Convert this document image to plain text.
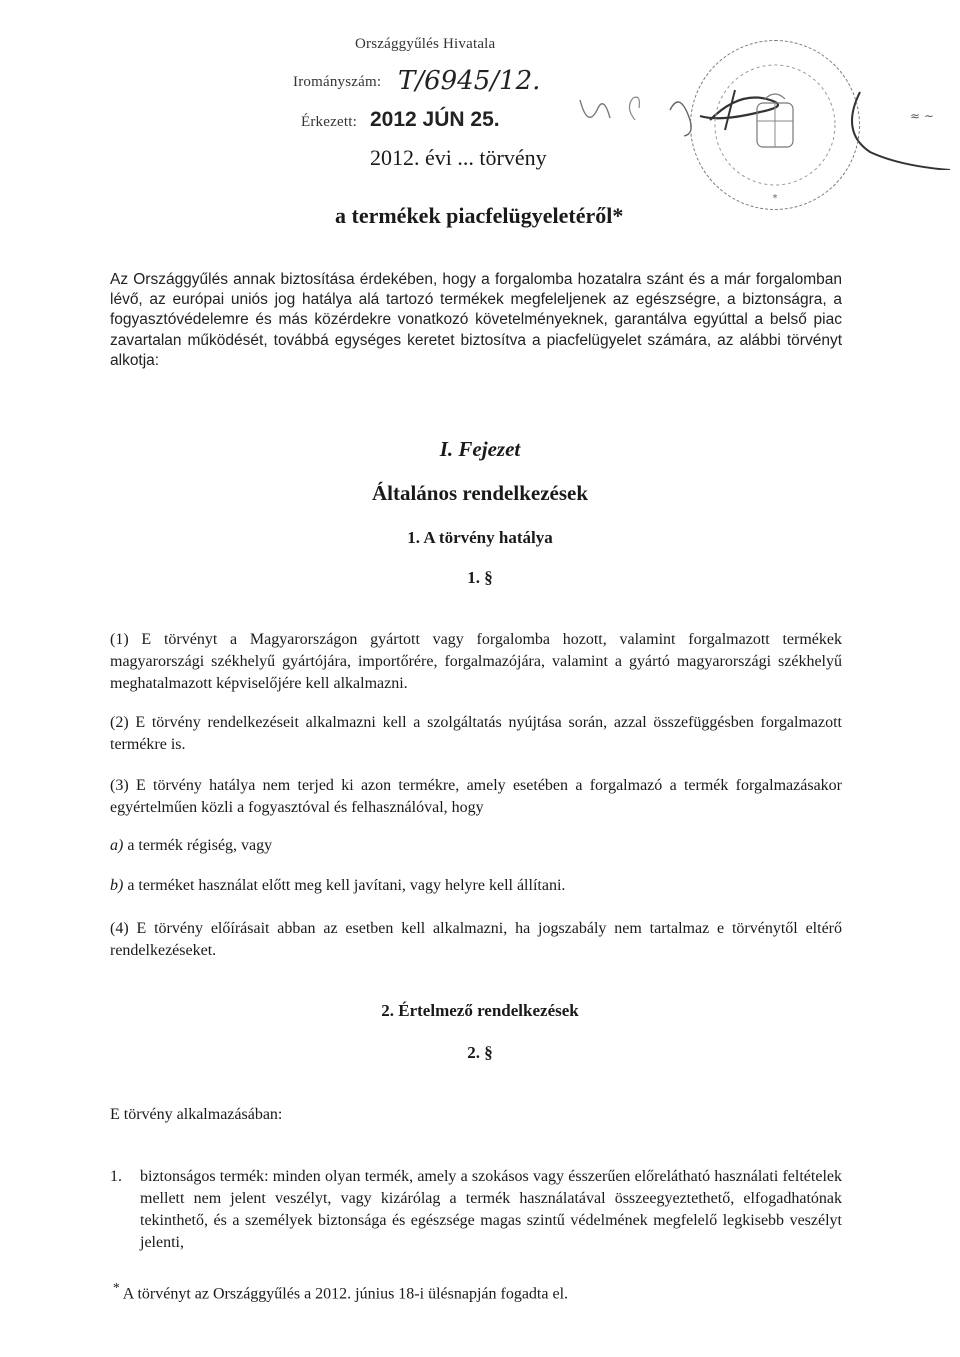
Országgyűlés Hivatala
Irományszám: T/6945/12.
Érkezett: 2012 JÚN 25.	≈ ∼
*
2012. évi ... törvény
a termékek piacfelügyeletéről*
Az Országgyűlés annak biztosítása érdekében, hogy a forgalomba hozatalra szánt és a már forgalomban lévő, az európai uniós jog hatálya alá tartozó termékek megfeleljenek az egészségre, a biztonságra, a fogyasztóvédelemre és más közérdekre vonatkozó követelményeknek, garantálva egyúttal a belső piac zavartalan működését, továbbá egységes keretet biztosítva a piacfelügyelet számára, az alábbi törvényt alkotja:
I. Fejezet
Általános rendelkezések
1. A törvény hatálya
1. §
(1) E törvényt a Magyarországon gyártott vagy forgalomba hozott, valamint forgalmazott termékek magyarországi székhelyű gyártójára, importőrére, forgalmazójára, valamint a gyártó magyarországi székhelyű meghatalmazott képviselőjére kell alkalmazni.
(2) E törvény rendelkezéseit alkalmazni kell a szolgáltatás nyújtása során, azzal összefüggésben forgalmazott termékre is.
(3) E törvény hatálya nem terjed ki azon termékre, amely esetében a forgalmazó a termék forgalmazásakor egyértelműen közli a fogyasztóval és felhasználóval, hogy
a) a termék régiség, vagy
b) a terméket használat előtt meg kell javítani, vagy helyre kell állítani.
(4) E törvény előírásait abban az esetben kell alkalmazni, ha jogszabály nem tartalmaz e törvénytől eltérő rendelkezéseket.
2. Értelmező rendelkezések
2. §
E törvény alkalmazásában:
1.	biztonságos termék: minden olyan termék, amely a szokásos vagy ésszerűen előrelátható használati feltételek mellett nem jelent veszélyt, vagy kizárólag a termék használatával összeegyeztethető, elfogadhatónak tekinthető, és a személyek biztonsága és egészsége magas szintű védelmének megfelelő legkisebb veszélyt jelenti,
* A törvényt az Országgyűlés a 2012. június 18-i ülésnapján fogadta el.
